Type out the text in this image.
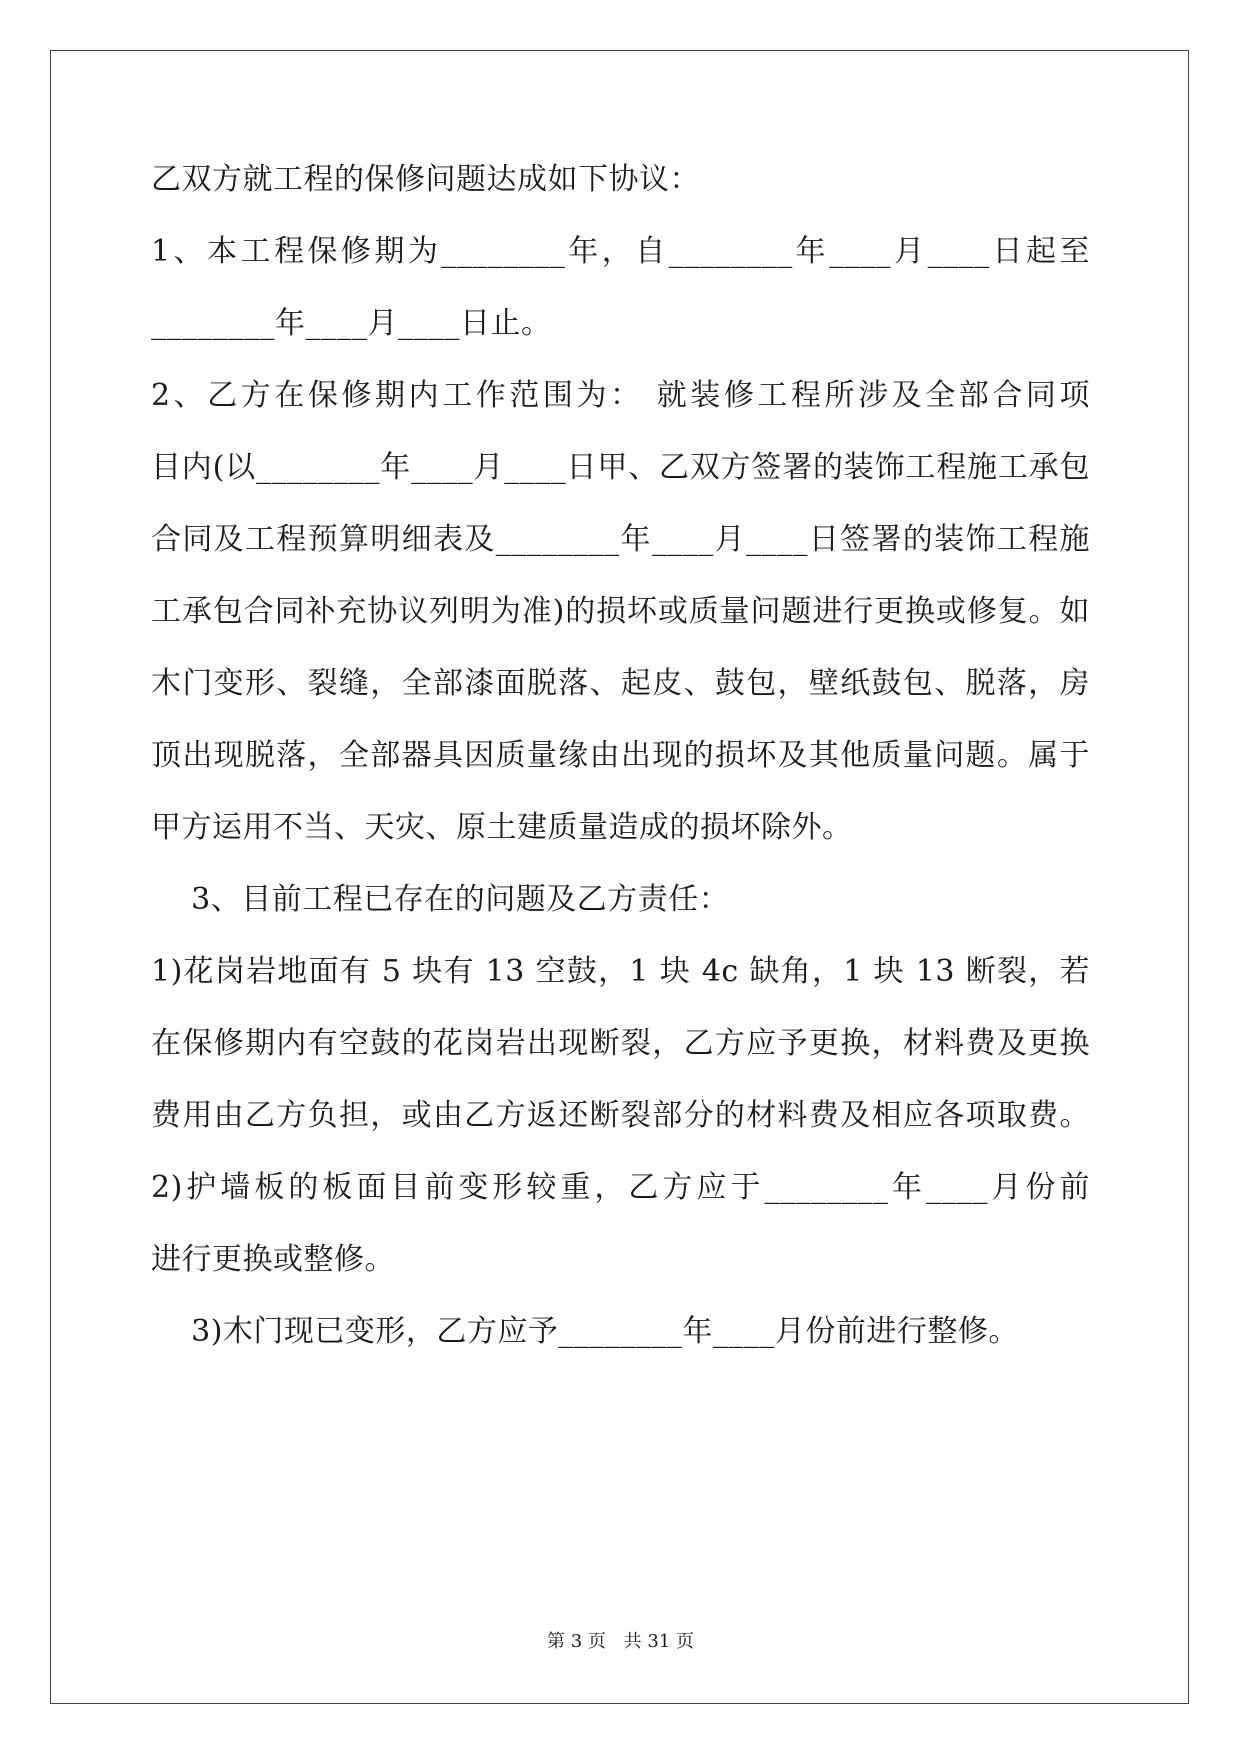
乙双方就工程的保修问题达成如下协议：
1、本工程保修期为________年，自________年____月____日起至
________年____月____日止。
2、乙方在保修期内工作范围为： 就装修工程所涉及全部合同项
目内(以________年____月____日甲、乙双方签署的装饰工程施工承包
合同及工程预算明细表及________年____月____日签署的装饰工程施
工承包合同补充协议列明为准)的损坏或质量问题进行更换或修复。如
木门变形、裂缝，全部漆面脱落、起皮、鼓包，壁纸鼓包、脱落，房
顶出现脱落，全部器具因质量缘由出现的损坏及其他质量问题。属于
甲方运用不当、天灾、原土建质量造成的损坏除外。
3、目前工程已存在的问题及乙方责任：
1)花岗岩地面有 5 块有 13 空鼓，1 块 4c 缺角，1 块 13 断裂，若
在保修期内有空鼓的花岗岩出现断裂，乙方应予更换，材料费及更换
费用由乙方负担，或由乙方返还断裂部分的材料费及相应各项取费。
2)护墙板的板面目前变形较重，乙方应于________年____月份前
进行更换或整修。
3)木门现已变形，乙方应予________年____月份前进行整修。
第 3 页 共 31 页
